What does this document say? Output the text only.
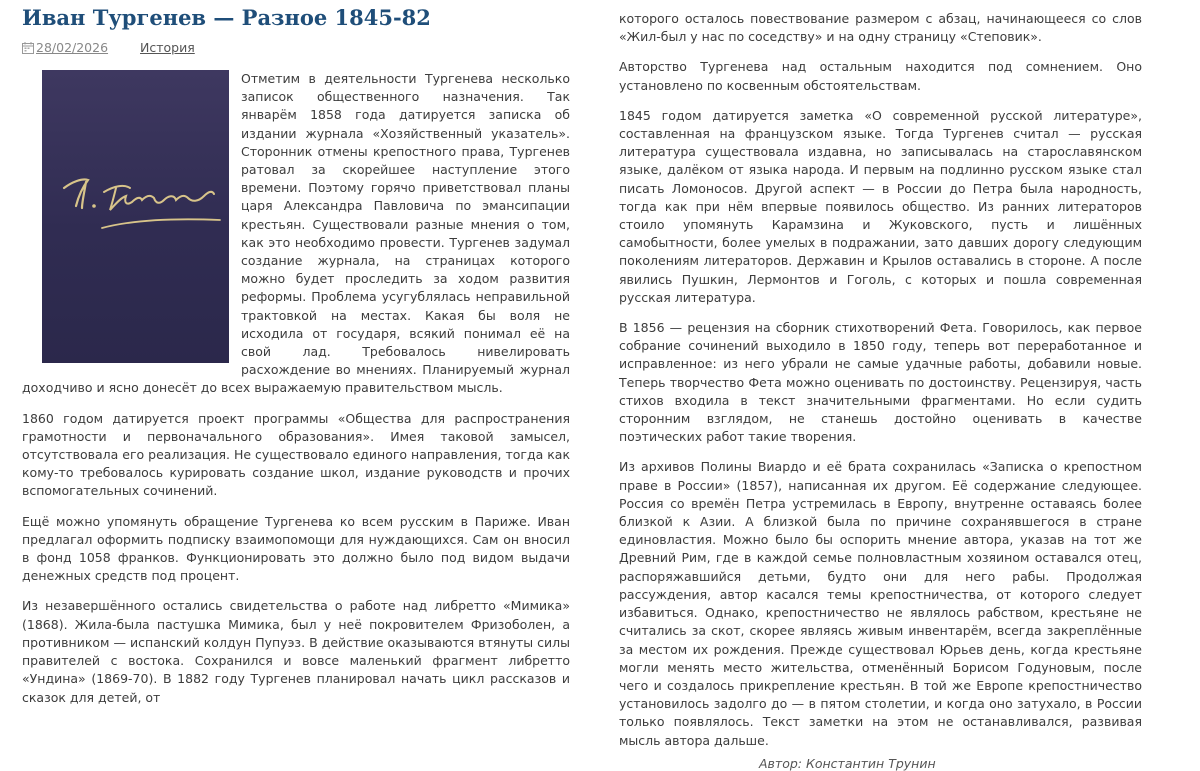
Иван Тургенев — Разное 1845-82
28/02/2026	История

Отметим в деятельности Тургенева несколько записок общественного назначения. Так январём 1858 года датируется записка об издании журнала «Хозяйственный указатель». Сторонник отмены крепостного права, Тургенев ратовал за скорейшее наступление этого времени. Поэтому горячо приветствовал планы царя Александра Павловича по эмансипации крестьян. Существовали разные мнения о том, как это необходимо провести. Тургенев задумал создание журнала, на страницах которого можно будет проследить за ходом развития реформы. Проблема усугублялась неправильной трактовкой на местах. Какая бы воля не исходила от государя, всякий понимал её на свой лад. Требовалось нивелировать расхождение во мнениях. Планируемый журнал доходчиво и ясно донесёт до всех выражаемую правительством мысль.

1860 годом датируется проект программы «Общества для распространения грамотности и первоначального образования». Имея таковой замысел, отсутствовала его реализация. Не существовало единого направления, тогда как кому-то требовалось курировать создание школ, издание руководств и прочих вспомогательных сочинений.

Ещё можно упомянуть обращение Тургенева ко всем русским в Париже. Иван предлагал оформить подписку взаимопомощи для нуждающихся. Сам он вносил в фонд 1058 франков. Функционировать это должно было под видом выдачи денежных средств под процент.

Из незавершённого остались свидетельства о работе над либретто «Мимика» (1868). Жила-была пастушка Мимика, был у неё покровителем Фризоболен, а противником — испанский колдун Пупуэз. В действие оказываются втянуты силы правителей с востока. Сохранился и вовсе маленький фрагмент либретто «Ундина» (1869-70). В 1882 году Тургенев планировал начать цикл рассказов и сказок для детей, от

которого осталось повествование размером с абзац, начинающееся со слов «Жил-был у нас по соседству» и на одну страницу «Степовик».

Авторство Тургенева над остальным находится под сомнением. Оно установлено по косвенным обстоятельствам.

1845 годом датируется заметка «О современной русской литературе», составленная на французском языке. Тогда Тургенев считал — русская литература существовала издавна, но записывалась на старославянском языке, далёком от языка народа. И первым на подлинно русском языке стал писать Ломоносов. Другой аспект — в России до Петра была народность, тогда как при нём впервые появилось общество. Из ранних литераторов стоило упомянуть Карамзина и Жуковского, пусть и лишённых самобытности, более умелых в подражании, зато давших дорогу следующим поколениям литераторов. Державин и Крылов оставались в стороне. А после явились Пушкин, Лермонтов и Гоголь, с которых и пошла современная русская литература.

В 1856 — рецензия на сборник стихотворений Фета. Говорилось, как первое собрание сочинений выходило в 1850 году, теперь вот переработанное и исправленное: из него убрали не самые удачные работы, добавили новые. Теперь творчество Фета можно оценивать по достоинству. Рецензируя, часть стихов входила в текст значительными фрагментами. Но если судить сторонним взглядом, не станешь достойно оценивать в качестве поэтических работ такие творения.

Из архивов Полины Виардо и её брата сохранилась «Записка о крепостном праве в России» (1857), написанная их другом. Её содержание следующее. Россия со времён Петра устремилась в Европу, внутренне оставаясь более близкой к Азии. А близкой была по причине сохранявшегося в стране единовластия. Можно было бы оспорить мнение автора, указав на тот же Древний Рим, где в каждой семье полновластным хозяином оставался отец, распоряжавшийся детьми, будто они для него рабы. Продолжая рассуждения, автор касался темы крепостничества, от которого следует избавиться. Однако, крепостничество не являлось рабством, крестьяне не считались за скот, скорее являясь живым инвентарём, всегда закреплённые за местом их рождения. Прежде существовал Юрьев день, когда крестьяне могли менять место жительства, отменённый Борисом Годуновым, после чего и создалось прикрепление крестьян. В той же Европе крепостничество установилось задолго до — в пятом столетии, и когда оно затухало, в России только появлялось. Текст заметки на этом не останавливался, развивая мысль автора дальше.

Автор: Константин Трунин
